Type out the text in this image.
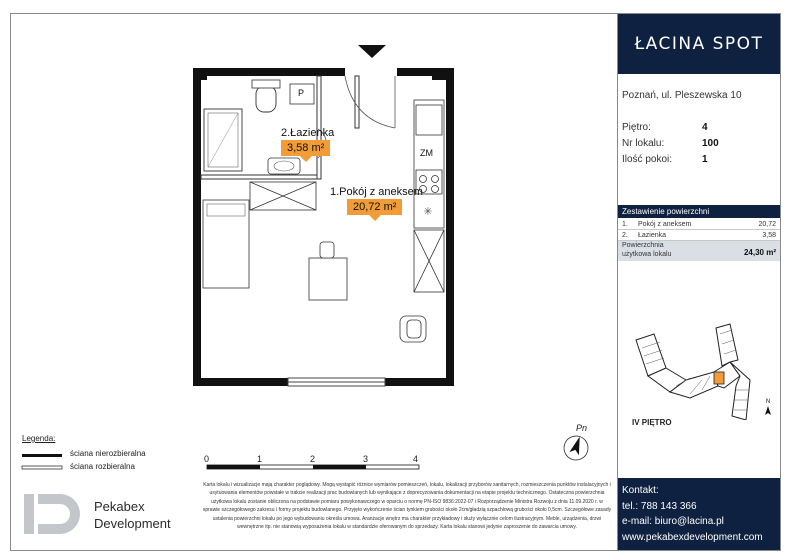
✳
2.Łazienka
3,58 m²
1.Pokój z aneksem
20,72 m²
P
ZM
Legenda:
ściana nierozbieralna
ściana rozbieralna
0	1	2	3	4
Pn
Pekabex
Development
Karta lokalu i wizualizacje mają charakter poglądowy. Mogą wystąpić różnice wymiarów pomieszczeń, lokalu, lokalizacji przyborów sanitarnych, rozmieszczenia punktów instalacyjnych i usytuowania elementów powstałe w trakcie realizacji prac budowlanych lub wynikające z doprecyzowania dokumentacji na etapie projektu technicznego. Ostateczna powierzchnia użytkowa lokalu zostanie obliczona na podstawie pomiaru powykonawczego w oparciu o normę PN-ISO 9836:2022-07 i Rozporządzenie Ministra Rozwoju z dnia 11.09.2020 r. w sprawie szczegółowego zakresu i formy projektu budowlanego. Przyjęto wykończenie ścian tynkiem grubości około 2cm/gładzią szpachlową grubości około 0,5cm. Szczegółowe zasady ustalenia powierzchni lokalu po jego wybudowaniu określa umowa. Aranżacje wnętrz ma charakter przykładowy i służy wyłącznie celom ilustracyjnym. Meble, urządzenia, drzwi wewnętrzne itp. nie stanowią wyposażenia lokalu w standardzie oferowanym do sprzedaży. Karta lokalu stanowi jedynie zaproszenie do zawarcia umowy.
ŁACINA SPOT
Poznań, ul. Pleszewska 10
Piętro:	4
Nr lokalu:	100
Ilość pokoi:	1
Zestawienie powierzchni
1. Pokój z aneksem	20,72
2. Łazienka	3,58
Powierzchnia
użytkowa lokalu	24,30 m²
N
IV PIĘTRO
Kontakt:
tel.: 788 143 366
e-mail: biuro@lacina.pl
www.pekabexdevelopment.com
